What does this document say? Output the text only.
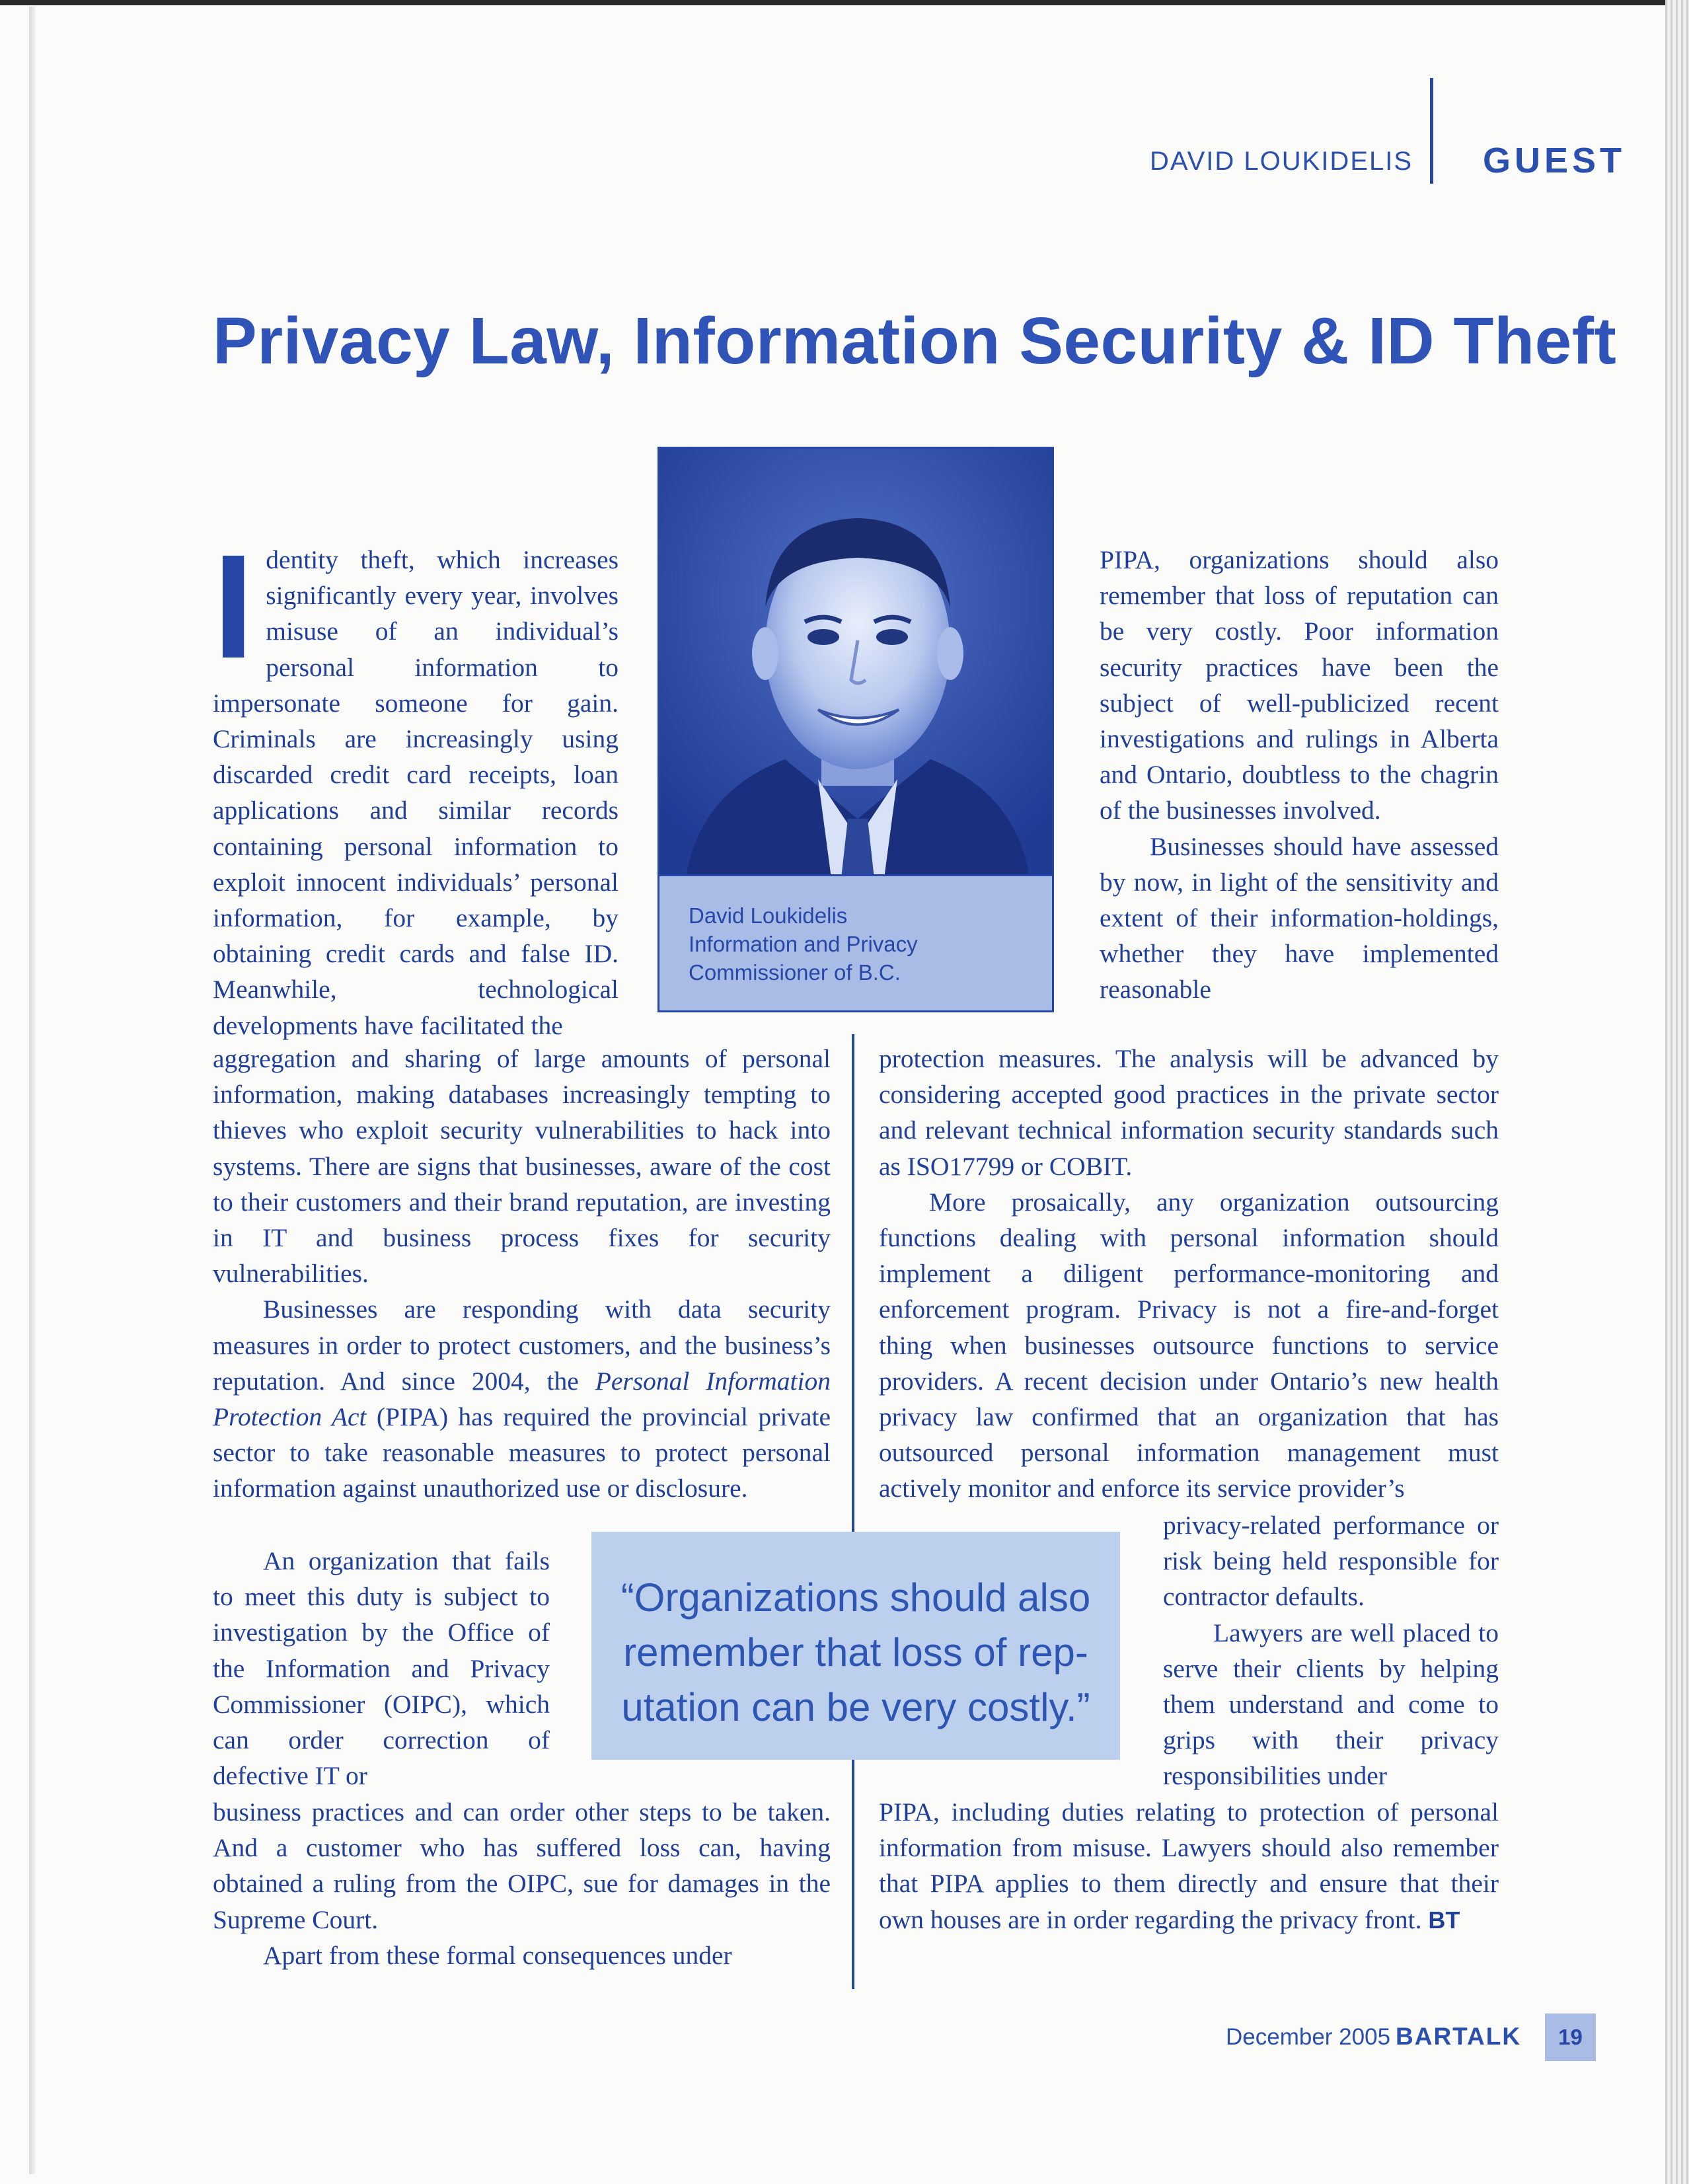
DAVID LOUKIDELIS GUEST
Privacy Law, Information Security & ID Theft
David Loukidelis
Information and Privacy
Commissioner of B.C.

Identity theft, which increases significantly every year, involves misuse of an individual’s personal information to impersonate someone for gain. Criminals are increasingly using discarded credit card receipts, loan applications and similar records containing personal information to exploit innocent individuals’ personal information, for example, by obtaining credit cards and false ID. Meanwhile, technological developments have facilitated the

aggregation and sharing of large amounts of personal information, making databases increasingly tempting to thieves who exploit security vulnerabilities to hack into systems. There are signs that businesses, aware of the cost to their customers and their brand reputation, are investing in IT and business process fixes for security vulnerabilities.

Businesses are responding with data security measures in order to protect customers, and the business’s reputation. And since 2004, the Personal Information Protection Act (PIPA) has required the provincial private sector to take reasonable measures to protect personal information against unauthorized use or disclosure.

An organization that fails to meet this duty is subject to investigation by the Office of the Information and Privacy Commissioner (OIPC), which can order correction of defective IT or

business practices and can order other steps to be taken. And a customer who has suffered loss can, having obtained a ruling from the OIPC, sue for damages in the Supreme Court.

Apart from these formal consequences under

PIPA, organizations should also remember that loss of reputation can be very costly. Poor information security practices have been the subject of well-publicized recent investigations and rulings in Alberta and Ontario, doubtless to the chagrin of the businesses involved.

Businesses should have assessed by now, in light of the sensitivity and extent of their information-holdings, whether they have implemented reasonable

protection measures. The analysis will be advanced by considering accepted good practices in the private sector and relevant technical information security standards such as ISO17799 or COBIT.

More prosaically, any organization outsourcing functions dealing with personal information should implement a diligent performance-monitoring and enforcement program. Privacy is not a fire-and-forget thing when businesses outsource functions to service providers. A recent decision under Ontario’s new health privacy law confirmed that an organization that has outsourced personal information management must actively monitor and enforce its service provider’s

privacy-related performance or risk being held responsible for contractor defaults.

Lawyers are well placed to serve their clients by helping them understand and come to grips with their privacy responsibilities under

PIPA, including duties relating to protection of personal information from misuse. Lawyers should also remember that PIPA applies to them directly and ensure that their own houses are in order regarding the privacy front. BT

“Organizations should also
remember that loss of rep-
utation can be very costly.”
December 2005 BARTALK	19
